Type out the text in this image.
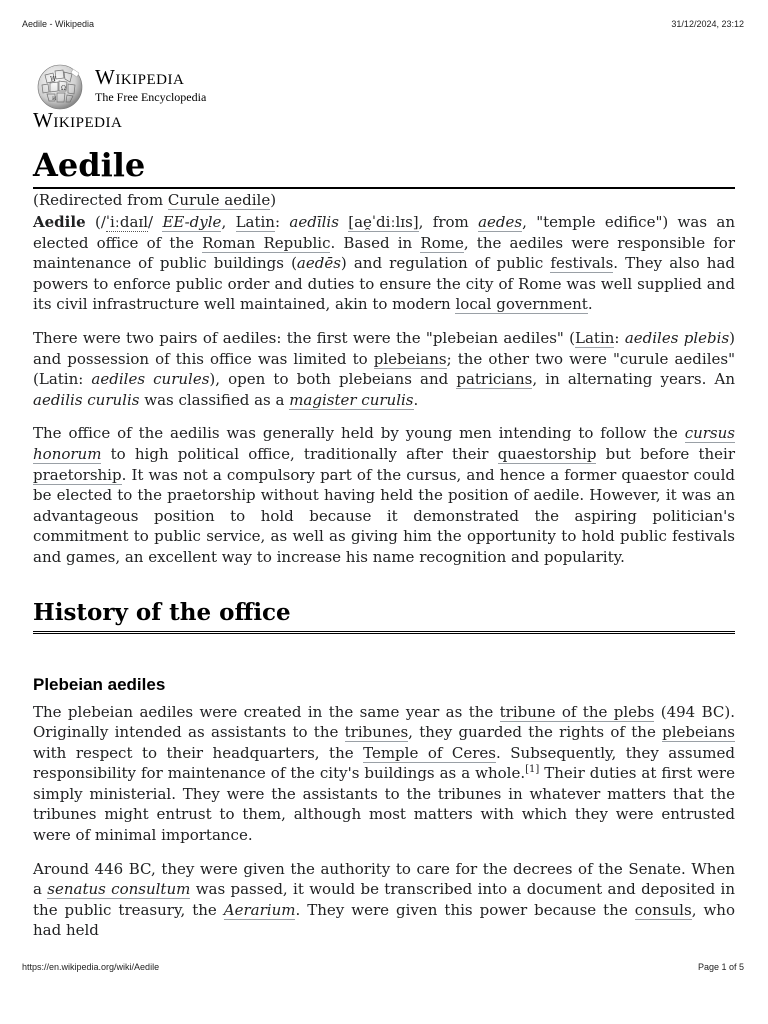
Aedile - Wikipedia	31/12/2024, 23:12
W
Ω
И
Wikipedia
The Free Encyclopedia
Wikipedia
Aedile
(Redirected from Curule aedile)

Aedile (/ˈiːdaɪl/ EE-dyle, Latin: aedīlis [ae̯ˈdiːlɪs], from aedes, "temple edifice") was an elected office of the Roman Republic. Based in Rome, the aediles were responsible for maintenance of public buildings (aedēs) and regulation of public festivals. They also had powers to enforce public order and duties to ensure the city of Rome was well supplied and its civil infrastructure well maintained, akin to modern local government.

There were two pairs of aediles: the first were the "plebeian aediles" (Latin: aediles plebis) and possession of this office was limited to plebeians; the other two were "curule aediles" (Latin: aediles curules), open to both plebeians and patricians, in alternating years. An aedilis curulis was classified as a magister curulis.

The office of the aedilis was generally held by young men intending to follow the cursus honorum to high political office, traditionally after their quaestorship but before their praetorship. It was not a compulsory part of the cursus, and hence a former quaestor could be elected to the praetorship without having held the position of aedile. However, it was an advantageous position to hold because it demonstrated the aspiring politician's commitment to public service, as well as giving him the opportunity to hold public festivals and games, an excellent way to increase his name recognition and popularity.

History of the office
Plebeian aediles

The plebeian aediles were created in the same year as the tribune of the plebs (494 BC). Originally intended as assistants to the tribunes, they guarded the rights of the plebeians with respect to their headquarters, the Temple of Ceres. Subsequently, they assumed responsibility for maintenance of the city's buildings as a whole.[1] Their duties at first were simply ministerial. They were the assistants to the tribunes in whatever matters that the tribunes might entrust to them, although most matters with which they were entrusted were of minimal importance.

Around 446 BC, they were given the authority to care for the decrees of the Senate. When a senatus consultum was passed, it would be transcribed into a document and deposited in the public treasury, the Aerarium. They were given this power because the consuls, who had held

https://en.wikipedia.org/wiki/Aedile	Page 1 of 5
